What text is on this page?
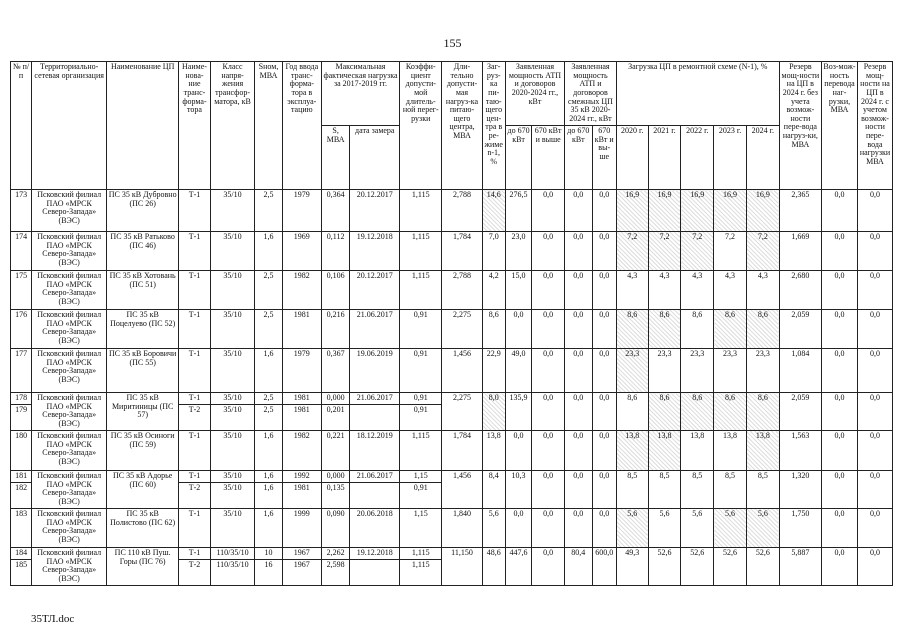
155
№ п/п	Территориально-сетевая организация	Наименование ЦП	Наиме-нова-ние транс-форма-тора	Класс напря-жения трансфор-матора, кВ	Sном, МВА	Год ввода транс-форма-тора в эксплуа-тацию	Максимальная фактическая нагрузка за 2017-2019 гг.		Коэффи-циент допусти-мой длитель-ной перег-рузки	Дли-тельно допусти-мая нагруз-ка питаю-щего центра, МВА	Заг-руз-ка пи-таю-щего цен-тра в ре-жиме n-1, %	Заявленная мощность АТП и договоров 2020-2024 гг., кВт		Заявленная мощность АТП и договоров смежных ЦП 35 кВ 2020-2024 гг., кВт		Загрузка ЦП в ремонтной схеме (N-1), %					Резерв мощ-ности на ЦП в 2024 г. без учета возмож-ности пере-вода нагруз-ки, МВА	Воз-мож-ность перевода наг-рузки, МВА	Резерв мощ-ности на ЦП в 2024 г. с учетом возмож-ности пере-вода нагрузки МВА
							S, МВА	дата замера				до 670 кВт	670 кВт и выше	до 670 кВт	670 кВт и вы-ше	2020 г.	2021 г.	2022 г.	2023 г.	2024 г.			
173	Псковский филиал ПАО «МРСК Северо-Запада» (ВЭС)	ПС 35 кВ Дубровно (ПС 26)	Т-1	35/10	2,5	1979	0,364	20.12.2017	1,115	2,788	14,6	276,5	0,0	0,0	0,0	16,9	16,9	16,9	16,9	16,9	2,365	0,0	0,0
174	Псковский филиал ПАО «МРСК Северо-Запада» (ВЭС)	ПС 35 кВ Ратьково (ПС 46)	Т-1	35/10	1,6	1969	0,112	19.12.2018	1,115	1,784	7,0	23,0	0,0	0,0	0,0	7,2	7,2	7,2	7,2	7,2	1,669	0,0	0,0
175	Псковский филиал ПАО «МРСК Северо-Запада» (ВЭС)	ПС 35 кВ Хотовань (ПС 51)	Т-1	35/10	2,5	1982	0,106	20.12.2017	1,115	2,788	4,2	15,0	0,0	0,0	0,0	4,3	4,3	4,3	4,3	4,3	2,680	0,0	0,0
176	Псковский филиал ПАО «МРСК Северо-Запада» (ВЭС)	ПС 35 кВ Поцелуево (ПС 52)	Т-1	35/10	2,5	1981	0,216	21.06.2017	0,91	2,275	8,6	0,0	0,0	0,0	0,0	8,6	8,6	8,6	8,6	8,6	2,059	0,0	0,0
177	Псковский филиал ПАО «МРСК Северо-Запада» (ВЭС)	ПС 35 кВ Боровичи (ПС 55)	Т-1	35/10	1,6	1979	0,367	19.06.2019	0,91	1,456	22,9	49,0	0,0	0,0	0,0	23,3	23,3	23,3	23,3	23,3	1,084	0,0	0,0
178	Псковский филиал ПАО «МРСК Северо-Запада» (ВЭС)	ПС 35 кВ Миритиницы (ПС 57)	Т-1	35/10	2,5	1981	0,000	21.06.2017	0,91	2,275	8,0	135,9	0,0	0,0	0,0	8,6	8,6	8,6	8,6	8,6	2,059	0,0	0,0
179			Т-2	35/10	2,5	1981	0,201		0,91														
180	Псковский филиал ПАО «МРСК Северо-Запада» (ВЭС)	ПС 35 кВ Осиноги (ПС 59)	Т-1	35/10	1,6	1982	0,221	18.12.2019	1,115	1,784	13,8	0,0	0,0	0,0	0,0	13,8	13,8	13,8	13,8	13,8	1,563	0,0	0,0
181	Псковский филиал ПАО «МРСК Северо-Запада» (ВЭС)	ПС 35 кВ Адорье (ПС 60)	Т-1	35/10	1,6	1992	0,000	21.06.2017	1,15	1,456	8,4	10,3	0,0	0,0	0,0	8,5	8,5	8,5	8,5	8,5	1,320	0,0	0,0
182			Т-2	35/10	1,6	1981	0,135		0,91														
183	Псковский филиал ПАО «МРСК Северо-Запада» (ВЭС)	ПС 35 кВ Полистово (ПС 62)	Т-1	35/10	1,6	1999	0,090	20.06.2018	1,15	1,840	5,6	0,0	0,0	0,0	0,0	5,6	5,6	5,6	5,6	5,6	1,750	0,0	0,0
184	Псковский филиал ПАО «МРСК Северо-Запада» (ВЭС)	ПС 110 кВ Пуш. Горы (ПС 76)	Т-1	110/35/10	10	1967	2,262	19.12.2018	1,115	11,150	48,6	447,6	0,0	80,4	600,0	49,3	52,6	52,6	52,6	52,6	5,887	0,0	0,0
185			Т-2	110/35/10	16	1967	2,598		1,115														
35ТЛ.doc
